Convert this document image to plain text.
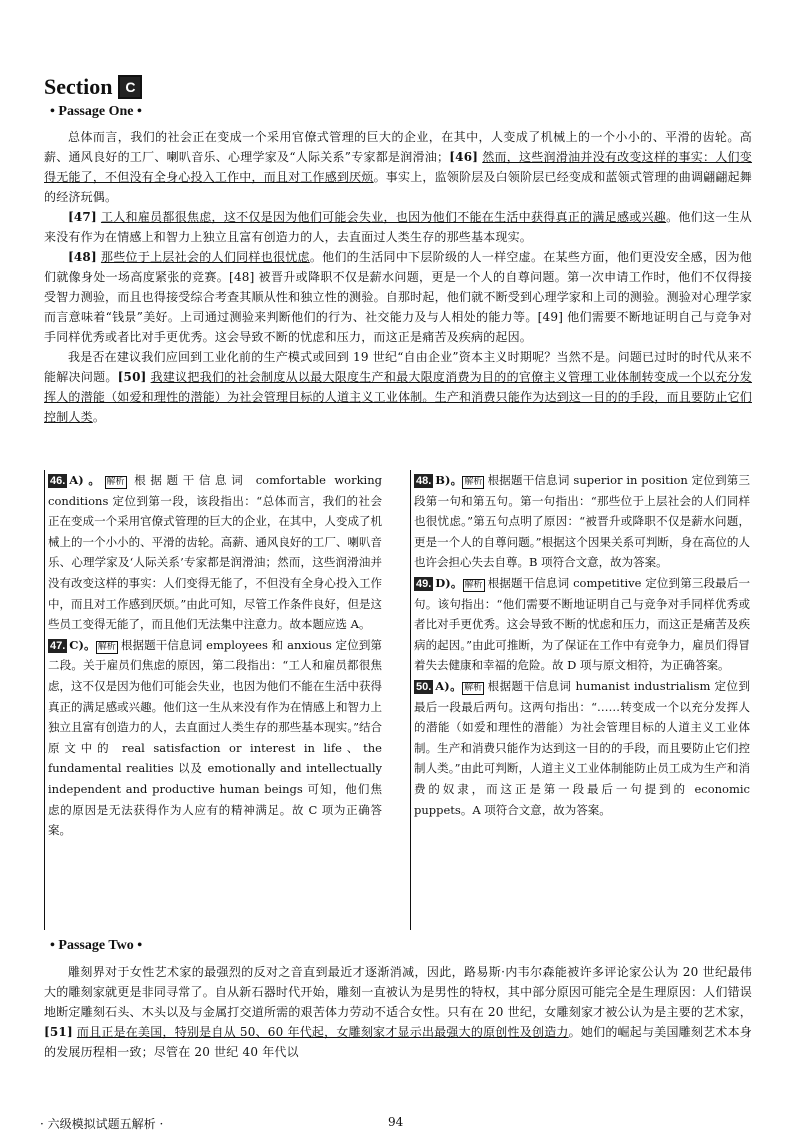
Section C
• Passage One •

总体而言，我们的社会正在变成一个采用官僚式管理的巨大的企业，在其中，人变成了机械上的一个小小的、平滑的齿轮。高薪、通风良好的工厂、喇叭音乐、心理学家及“人际关系”专家都是润滑油；[46] 然而，这些润滑油并没有改变这样的事实：人们变得无能了，不但没有全身心投入工作中，而且对工作感到厌烦。事实上，监领阶层及白领阶层已经变成和蓝领式管理的曲调翩翩起舞的经济玩偶。

[47] 工人和雇员都很焦虑，这不仅是因为他们可能会失业，也因为他们不能在生活中获得真正的满足感或兴趣。他们这一生从来没有作为在情感上和智力上独立且富有创造力的人，去直面过人类生存的那些基本现实。

[48] 那些位于上层社会的人们同样也很忧虑。他们的生活同中下层阶级的人一样空虚。在某些方面，他们更没安全感，因为他们就像身处一场高度紧张的竞赛。[48] 被晋升或降职不仅是薪水问题，更是一个人的自尊问题。第一次申请工作时，他们不仅得接受智力测验，而且也得接受综合考查其顺从性和独立性的测验。自那时起，他们就不断受到心理学家和上司的测验。测验对心理学家而言意味着“钱景”美好。上司通过测验来判断他们的行为、社交能力及与人相处的能力等。[49] 他们需要不断地证明自己与竞争对手同样优秀或者比对手更优秀。这会导致不断的忧虑和压力，而这正是痛苦及疾病的起因。

我是否在建议我们应回到工业化前的生产模式或回到 19 世纪“自由企业”资本主义时期呢？当然不是。问题已过时的时代从来不能解决问题。[50] 我建议把我们的社会制度从以最大限度生产和最大限度消费为目的的官僚主义管理工业体制转变成一个以充分发挥人的潜能（如爱和理性的潜能）为社会管理目标的人道主义工业体制。生产和消费只能作为达到这一目的的手段，而且要防止它们控制人类。

46. A)。 解析 根据题干信息词 comfortable working conditions 定位到第一段，该段指出：“总体而言，我们的社会正在变成一个采用官僚式管理的巨大的企业，在其中，人变成了机械上的一个小小的、平滑的齿轮。高薪、通风良好的工厂、喇叭音乐、心理学家及‘人际关系’专家都是润滑油；然而，这些润滑油并没有改变这样的事实：人们变得无能了，不但没有全身心投入工作中，而且对工作感到厌烦。”由此可知，尽管工作条件良好，但是这些员工变得无能了，而且他们无法集中注意力。故本题应选 A。

47. C)。 解析 根据题干信息词 employees 和 anxious 定位到第二段。关于雇员们焦虑的原因，第二段指出：“工人和雇员都很焦虑，这不仅是因为他们可能会失业，也因为他们不能在生活中获得真正的满足感或兴趣。他们这一生从来没有作为在情感上和智力上独立且富有创造力的人，去直面过人类生存的那些基本现实。”结合原文中的 real satisfaction or interest in life、the fundamental realities 以及 emotionally and intellectually independent and productive human beings 可知，他们焦虑的原因是无法获得作为人应有的精神满足。故 C 项为正确答案。

48. B)。 解析 根据题干信息词 superior in position 定位到第三段第一句和第五句。第一句指出：“那些位于上层社会的人们同样也很忧虑。”第五句点明了原因：“被晋升或降职不仅是薪水问题，更是一个人的自尊问题。”根据这个因果关系可判断，身在高位的人也许会担心失去自尊。B 项符合文意，故为答案。

49. D)。 解析 根据题干信息词 competitive 定位到第三段最后一句。该句指出：“他们需要不断地证明自己与竞争对手同样优秀或者比对手更优秀。这会导致不断的忧虑和压力，而这正是痛苦及疾病的起因。”由此可推断，为了保证在工作中有竞争力，雇员们得冒着失去健康和幸福的危险。故 D 项与原文相符，为正确答案。

50. A)。 解析 根据题干信息词 humanist industrialism 定位到最后一段最后两句。这两句指出：“……转变成一个以充分发挥人的潜能（如爱和理性的潜能）为社会管理目标的人道主义工业体制。生产和消费只能作为达到这一目的的手段，而且要防止它们控制人类。”由此可判断，人道主义工业体制能防止员工成为生产和消费的奴隶，而这正是第一段最后一句提到的 economic puppets。A 项符合文意，故为答案。

• Passage Two •

雕刻界对于女性艺术家的最强烈的反对之音直到最近才逐渐消减，因此，路易斯·内韦尔森能被许多评论家公认为 20 世纪最伟大的雕刻家就更是非同寻常了。自从新石器时代开始，雕刻一直被认为是男性的特权，其中部分原因可能完全是生理原因：人们错误地断定雕刻石头、木头以及与金属打交道所需的艰苦体力劳动不适合女性。只有在 20 世纪，女雕刻家才被公认为是主要的艺术家，[51] 而且正是在美国，特别是自从 50、60 年代起，女雕刻家才显示出最强大的原创性及创造力。她们的崛起与美国雕刻艺术本身的发展历程相一致；尽管在 20 世纪 40 年代以

· 六级模拟试题五解析 ·	94
